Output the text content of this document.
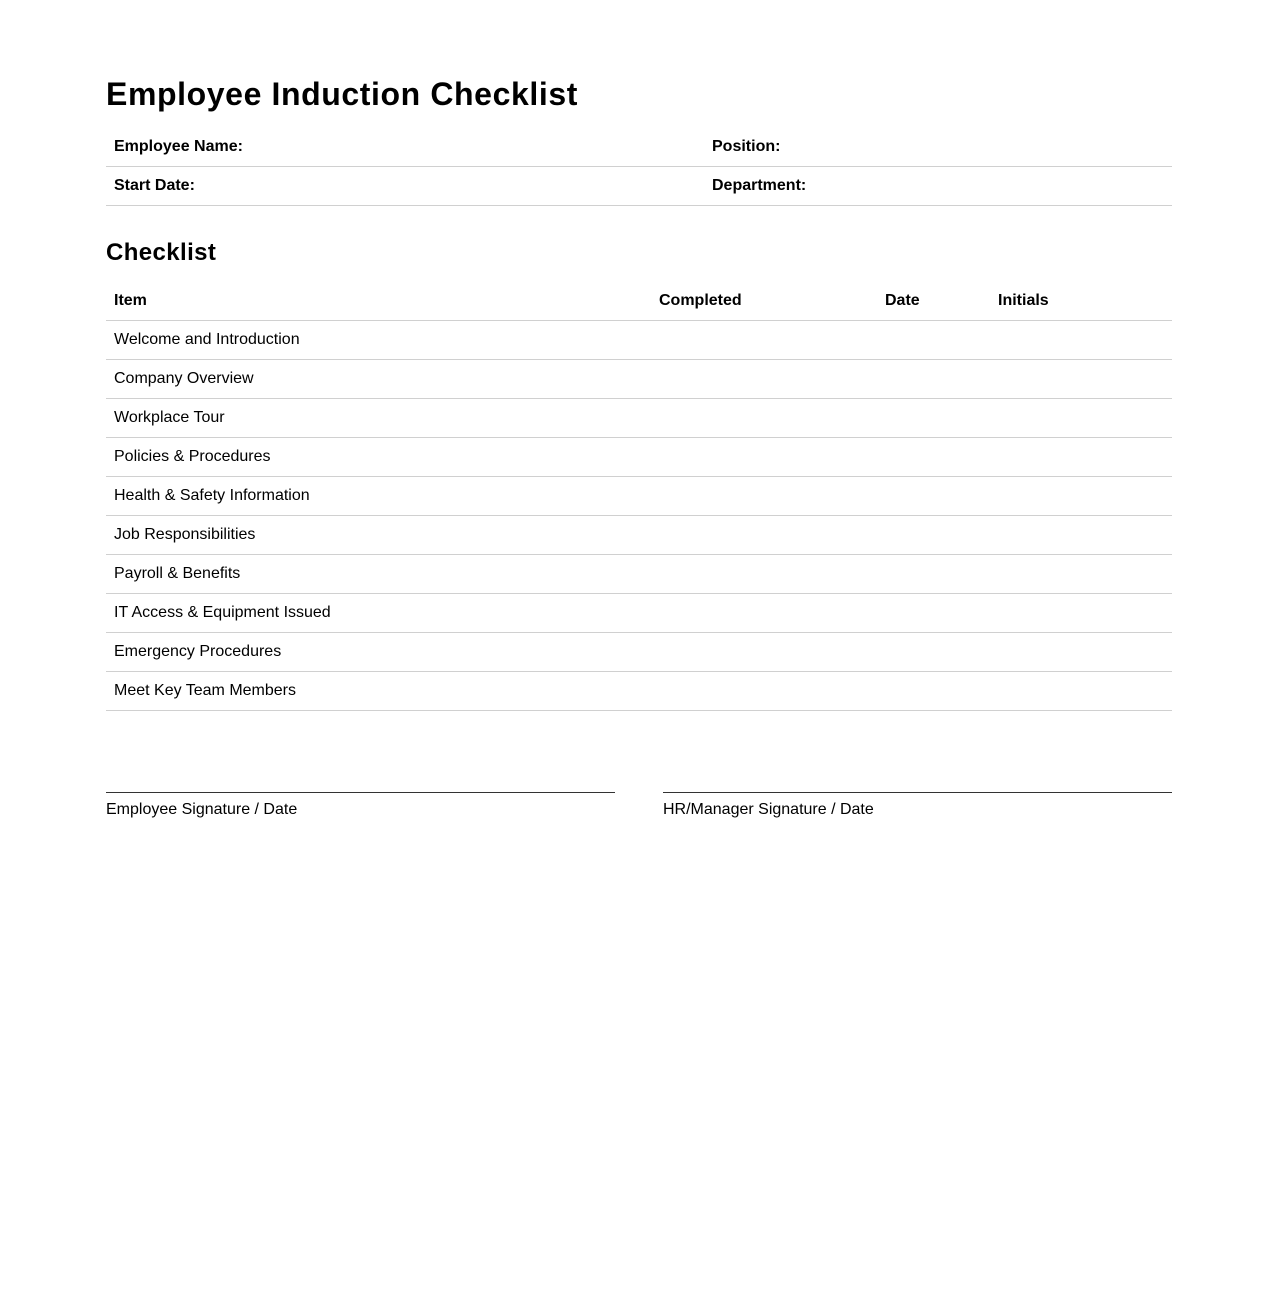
Employee Induction Checklist
Employee Name:	Position:
Start Date:	Department:
Checklist
Item	Completed	Date	Initials
Welcome and Introduction			
Company Overview			
Workplace Tour			
Policies & Procedures			
Health & Safety Information			
Job Responsibilities			
Payroll & Benefits			
IT Access & Equipment Issued			
Emergency Procedures			
Meet Key Team Members			
Employee Signature / Date	HR/Manager Signature / Date
